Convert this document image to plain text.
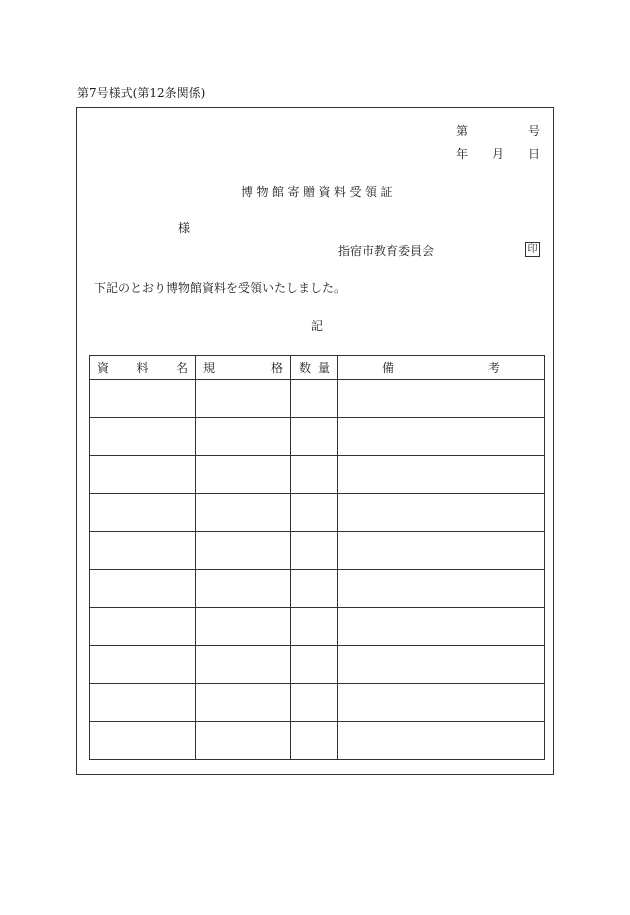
第7号様式(第12条関係)
第	号
年 月 日
博物館寄贈資料受領証
様
指宿市教育委員会	印
下記のとおり博物館資料を受領いたしました。
記
資 料 名	規 格	数 量	備 考
